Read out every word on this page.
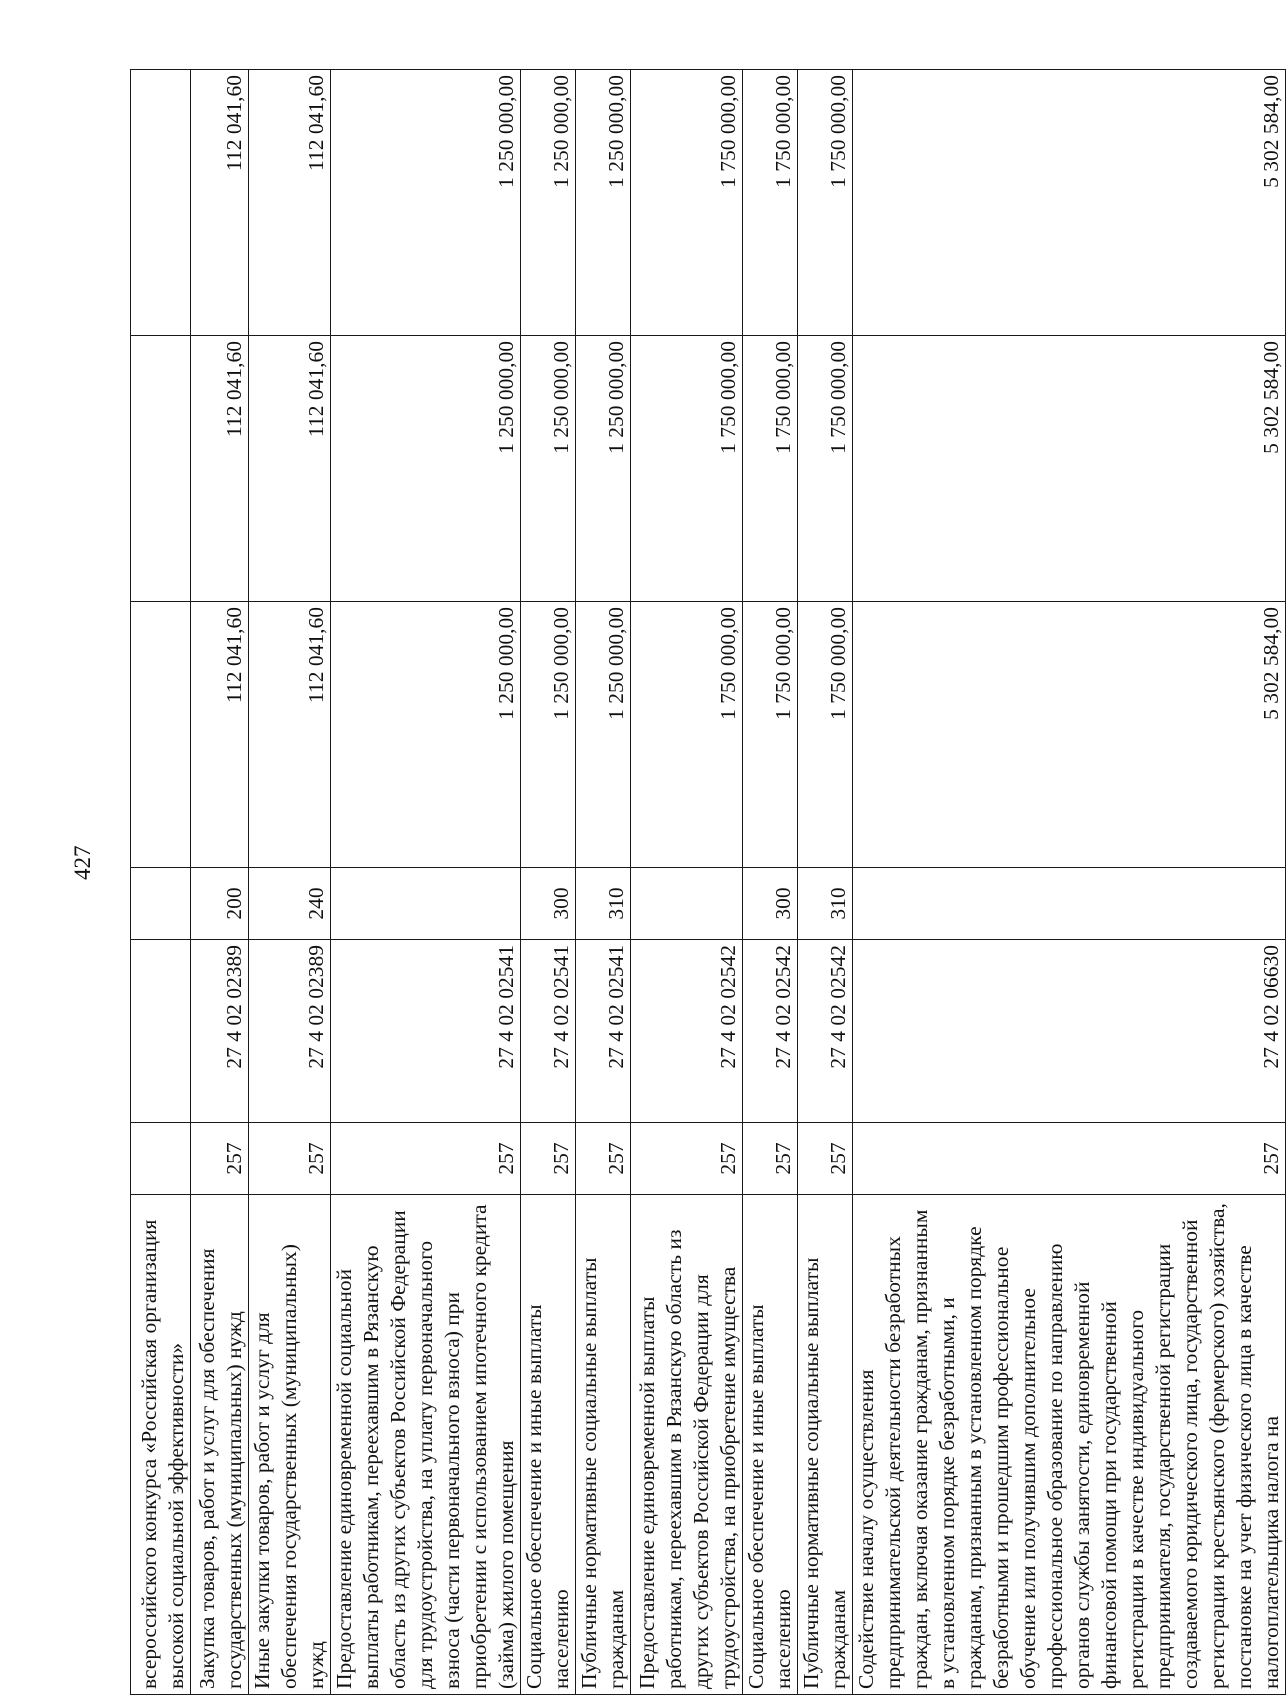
427
всероссийского конкурса «Российская организация высокой социальной эффективности»						
Закупка товаров, работ и услуг для обеспечения государственных (муниципальных) нужд	257	27 4 02 02389	200	112 041,60	112 041,60	112 041,60
Иные закупки товаров, работ и услуг для обеспечения государственных (муниципальных) нужд	257	27 4 02 02389	240	112 041,60	112 041,60	112 041,60
Предоставление единовременной социальной выплаты работникам, переехавшим в Рязанскую область из других субъектов Российской Федерации для трудоустройства, на уплату первоначального взноса (части первоначального взноса) при приобретении с использованием ипотечного кредита (займа) жилого помещения	257	27 4 02 02541		1 250 000,00	1 250 000,00	1 250 000,00
Социальное обеспечение и иные выплаты населению	257	27 4 02 02541	300	1 250 000,00	1 250 000,00	1 250 000,00
Публичные нормативные социальные выплаты гражданам	257	27 4 02 02541	310	1 250 000,00	1 250 000,00	1 250 000,00
Предоставление единовременной выплаты работникам, переехавшим в Рязанскую область из других субъектов Российской Федерации для трудоустройства, на приобретение имущества	257	27 4 02 02542		1 750 000,00	1 750 000,00	1 750 000,00
Социальное обеспечение и иные выплаты населению	257	27 4 02 02542	300	1 750 000,00	1 750 000,00	1 750 000,00
Публичные нормативные социальные выплаты гражданам	257	27 4 02 02542	310	1 750 000,00	1 750 000,00	1 750 000,00
Содействие началу осуществления предпринимательской деятельности безработных граждан, включая оказание гражданам, признанным в установленном порядке безработными, и гражданам, признанным в установленном порядке безработными и прошедшим профессиональное обучение или получившим дополнительное профессиональное образование по направлению органов службы занятости, единовременной финансовой помощи при государственной регистрации в качестве индивидуального предпринимателя, государственной регистрации создаваемого юридического лица, государственной регистрации крестьянского (фермерского) хозяйства, постановке на учет физического лица в качестве налогоплательщика налога на	257	27 4 02 06630		5 302 584,00	5 302 584,00	5 302 584,00
